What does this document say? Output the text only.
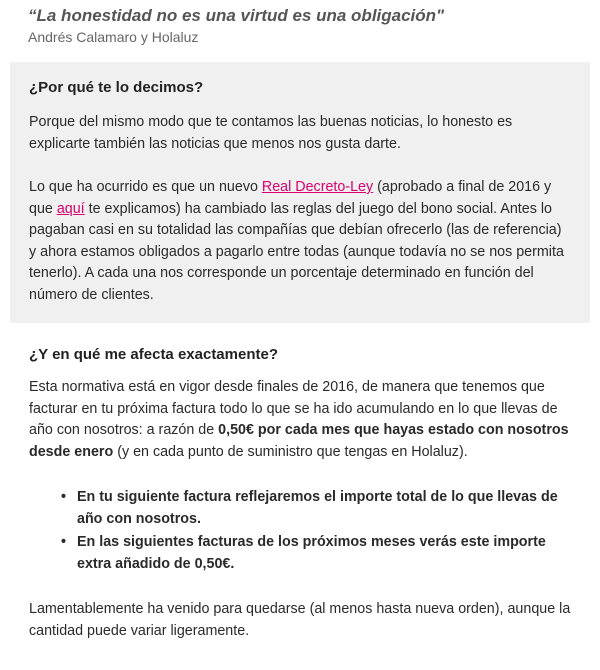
“La honestidad no es una virtud es una obligación"

Andrés Calamaro y Holaluz
¿Por qué te lo decimos?

Porque del mismo modo que te contamos las buenas noticias, lo honesto es explicarte también las noticias que menos nos gusta darte.

Lo que ha ocurrido es que un nuevo Real Decreto-Ley (aprobado a final de 2016 y que aquí te explicamos) ha cambiado las reglas del juego del bono social. Antes lo pagaban casi en su totalidad las compañías que debían ofrecerlo (las de referencia) y ahora estamos obligados a pagarlo entre todas (aunque todavía no se nos permita tenerlo). A cada una nos corresponde un porcentaje determinado en función del número de clientes.

¿Y en qué me afecta exactamente?

Esta normativa está en vigor desde finales de 2016, de manera que tenemos que facturar en tu próxima factura todo lo que se ha ido acumulando en lo que llevas de año con nosotros: a razón de 0,50€ por cada mes que hayas estado con nosotros desde enero (y en cada punto de suministro que tengas en Holaluz).

• En tu siguiente factura reflejaremos el importe total de lo que llevas de año con nosotros.
• En las siguientes facturas de los próximos meses verás este importe extra añadido de 0,50€.

Lamentablemente ha venido para quedarse (al menos hasta nueva orden), aunque la cantidad puede variar ligeramente.
